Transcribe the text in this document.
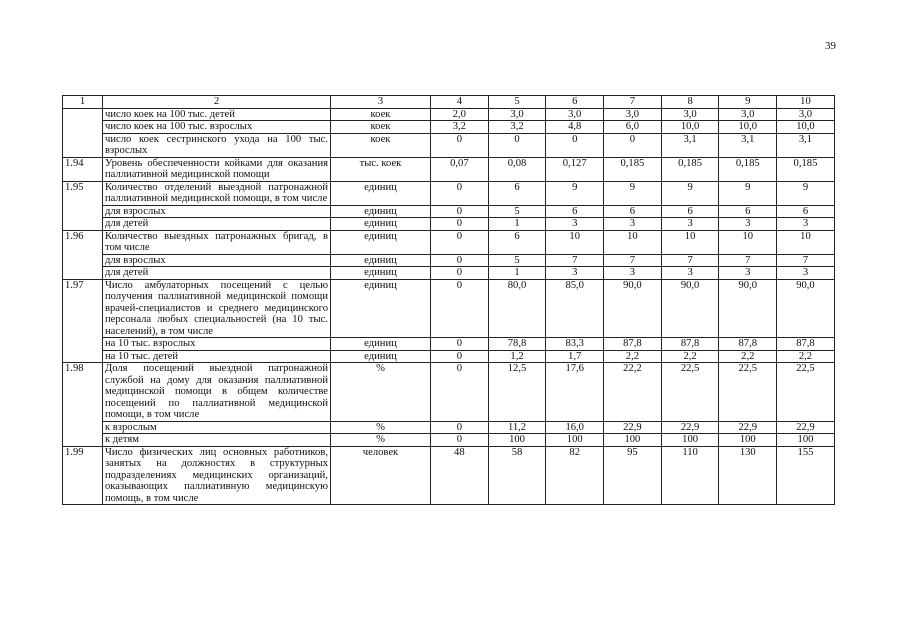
39
1	2	3	4	5	6	7	8	9	10
	число коек на 100 тыс. детей	коек	2,0	3,0	3,0	3,0	3,0	3,0	3,0
	число коек на 100 тыс. взрослых	коек	3,2	3,2	4,8	6,0	10,0	10,0	10,0
	число коек сестринского ухода на 100 тыс. взрослых	коек	0	0	0	0	3,1	3,1	3,1
1.94	Уровень обеспеченности койками для оказания паллиативной медицинской помощи	тыс. коек	0,07	0,08	0,127	0,185	0,185	0,185	0,185
1.95	Количество отделений выездной патронажной паллиативной медицинской помощи, в том числе	единиц	0	6	9	9	9	9	9
	для взрослых	единиц	0	5	6	6	6	6	6
	для детей	единиц	0	1	3	3	3	3	3
1.96	Количество выездных патронажных бригад, в том числе	единиц	0	6	10	10	10	10	10
	для взрослых	единиц	0	5	7	7	7	7	7
	для детей	единиц	0	1	3	3	3	3	3
1.97	Число амбулаторных посещений с целью получения паллиативной медицинской помощи врачей-специалистов и среднего медицинского персонала любых специальностей (на 10 тыс. населений), в том числе	единиц	0	80,0	85,0	90,0	90,0	90,0	90,0
	на 10 тыс. взрослых	единиц	0	78,8	83,3	87,8	87,8	87,8	87,8
	на 10 тыс. детей	единиц	0	1,2	1,7	2,2	2,2	2,2	2,2
1.98	Доля посещений выездной патронажной службой на дому для оказания паллиативной медицинской помощи в общем количестве посещений по паллиативной медицинской помощи, в том числе	%	0	12,5	17,6	22,2	22,5	22,5	22,5
	к взрослым	%	0	11,2	16,0	22,9	22,9	22,9	22,9
	к детям	%	0	100	100	100	100	100	100
1.99	Число физических лиц основных работников, занятых на должностях в структурных подразделениях медицинских организаций, оказывающих паллиативную медицинскую помощь, в том числе	человек	48	58	82	95	110	130	155
